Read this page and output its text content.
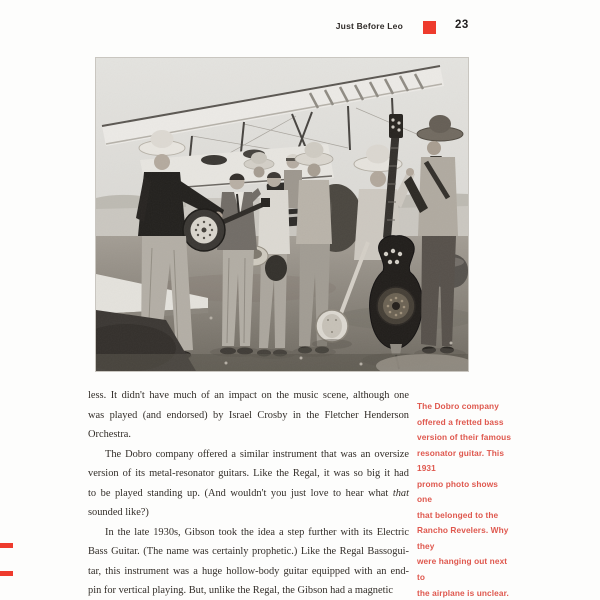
Just Before Leo	23
less. It didn't have much of an impact on the music scene, although one
was played (and endorsed) by Israel Crosby in the Fletcher Henderson
Orchestra.
The Dobro company offered a similar instrument that was an oversize
version of its metal-resonator guitars. Like the Regal, it was so big it had
to be played standing up. (And wouldn't you just love to hear what that
sounded like?)
In the late 1930s, Gibson took the idea a step further with its Electric
Bass Guitar. (The name was certainly prophetic.) Like the Regal Bassogui-
tar, this instrument was a huge hollow-body guitar equipped with an end-
pin for vertical playing. But, unlike the Regal, the Gibson had a magnetic
The Dobro company
offered a fretted bass
version of their famous
resonator guitar. This 1931
promo photo shows one
that belonged to the
Rancho Revelers. Why they
were hanging out next to
the airplane is unclear.
